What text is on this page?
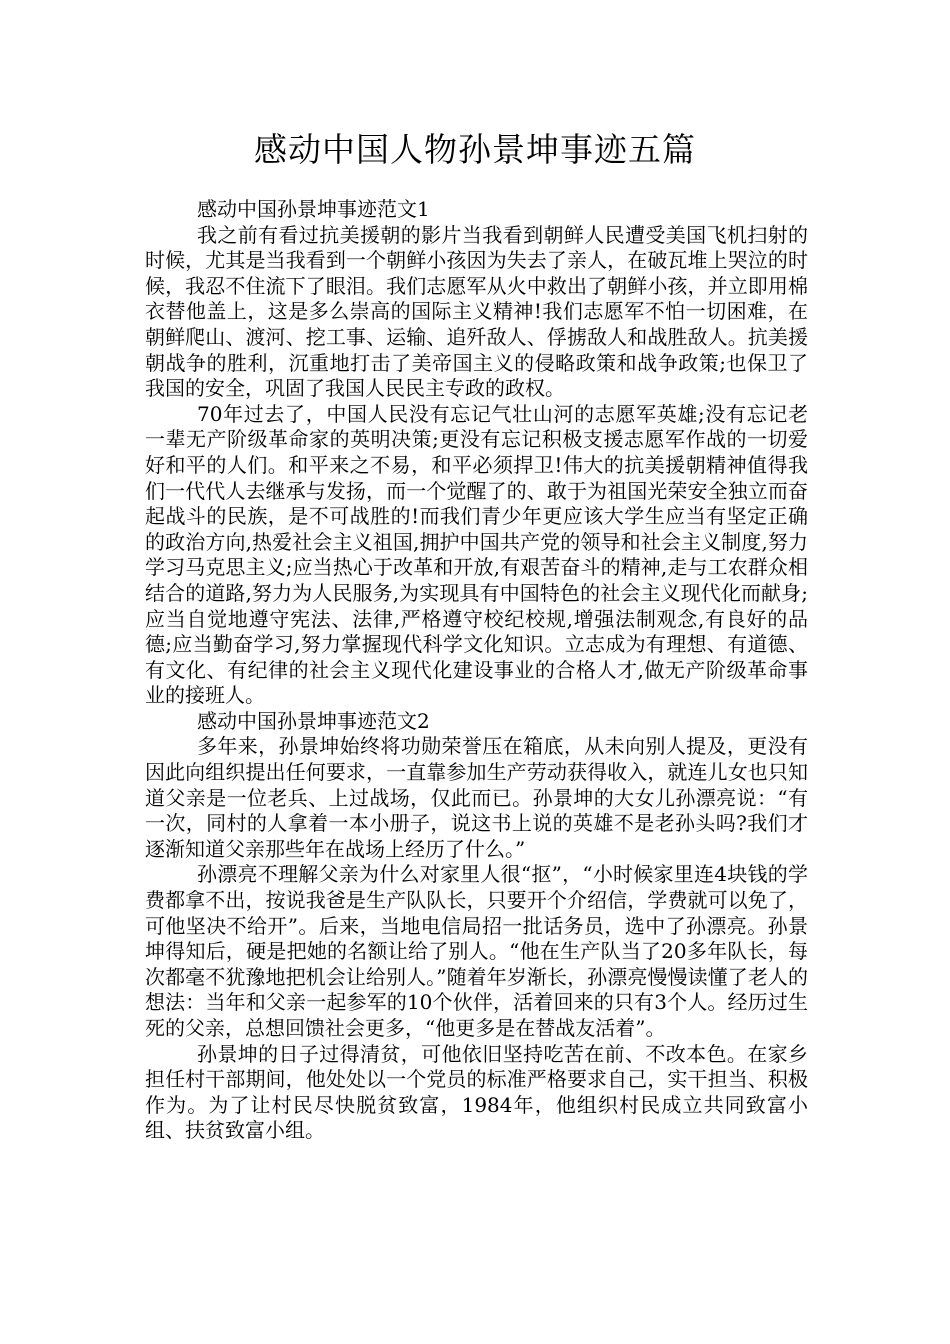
感动中国人物孙景坤事迹五篇

感动中国孙景坤事迹范文1

我之前有看过抗美援朝的影片当我看到朝鲜人民遭受美国飞机扫射的时候，尤其是当我看到一个朝鲜小孩因为失去了亲人，在破瓦堆上哭泣的时候，我忍不住流下了眼泪。我们志愿军从火中救出了朝鲜小孩，并立即用棉衣替他盖上，这是多么崇高的国际主义精神!我们志愿军不怕一切困难，在朝鲜爬山、渡河、挖工事、运输、追歼敌人、俘掳敌人和战胜敌人。抗美援朝战争的胜利，沉重地打击了美帝国主义的侵略政策和战争政策;也保卫了我国的安全，巩固了我国人民民主专政的政权。

70年过去了，中国人民没有忘记气壮山河的志愿军英雄;没有忘记老一辈无产阶级革命家的英明决策;更没有忘记积极支援志愿军作战的一切爱好和平的人们。和平来之不易，和平必须捍卫!伟大的抗美援朝精神值得我们一代代人去继承与发扬，而一个觉醒了的、敢于为祖国光荣安全独立而奋起战斗的民族，是不可战胜的!而我们青少年更应该大学生应当有坚定正确的政治方向,热爱社会主义祖国,拥护中国共产党的领导和社会主义制度,努力学习马克思主义;应当热心于改革和开放,有艰苦奋斗的精神,走与工农群众相结合的道路,努力为人民服务,为实现具有中国特色的社会主义现代化而献身;应当自觉地遵守宪法、法律,严格遵守校纪校规,增强法制观念,有良好的品德;应当勤奋学习,努力掌握现代科学文化知识。立志成为有理想、有道德、有文化、有纪律的社会主义现代化建设事业的合格人才,做无产阶级革命事业的接班人。

感动中国孙景坤事迹范文2

多年来，孙景坤始终将功勋荣誉压在箱底，从未向别人提及，更没有因此向组织提出任何要求，一直靠参加生产劳动获得收入，就连儿女也只知道父亲是一位老兵、上过战场，仅此而已。孙景坤的大女儿孙漂亮说：“有一次，同村的人拿着一本小册子，说这书上说的英雄不是老孙头吗?我们才逐渐知道父亲那些年在战场上经历了什么。”

孙漂亮不理解父亲为什么对家里人很“抠”，“小时候家里连4块钱的学费都拿不出，按说我爸是生产队队长，只要开个介绍信，学费就可以免了，可他坚决不给开”。后来，当地电信局招一批话务员，选中了孙漂亮。孙景坤得知后，硬是把她的名额让给了别人。“他在生产队当了20多年队长，每次都毫不犹豫地把机会让给别人。”随着年岁渐长，孙漂亮慢慢读懂了老人的想法：当年和父亲一起参军的10个伙伴，活着回来的只有3个人。经历过生死的父亲，总想回馈社会更多，“他更多是在替战友活着”。

孙景坤的日子过得清贫，可他依旧坚持吃苦在前、不改本色。在家乡担任村干部期间，他处处以一个党员的标准严格要求自己，实干担当、积极作为。为了让村民尽快脱贫致富，1984年，他组织村民成立共同致富小组、扶贫致富小组。
